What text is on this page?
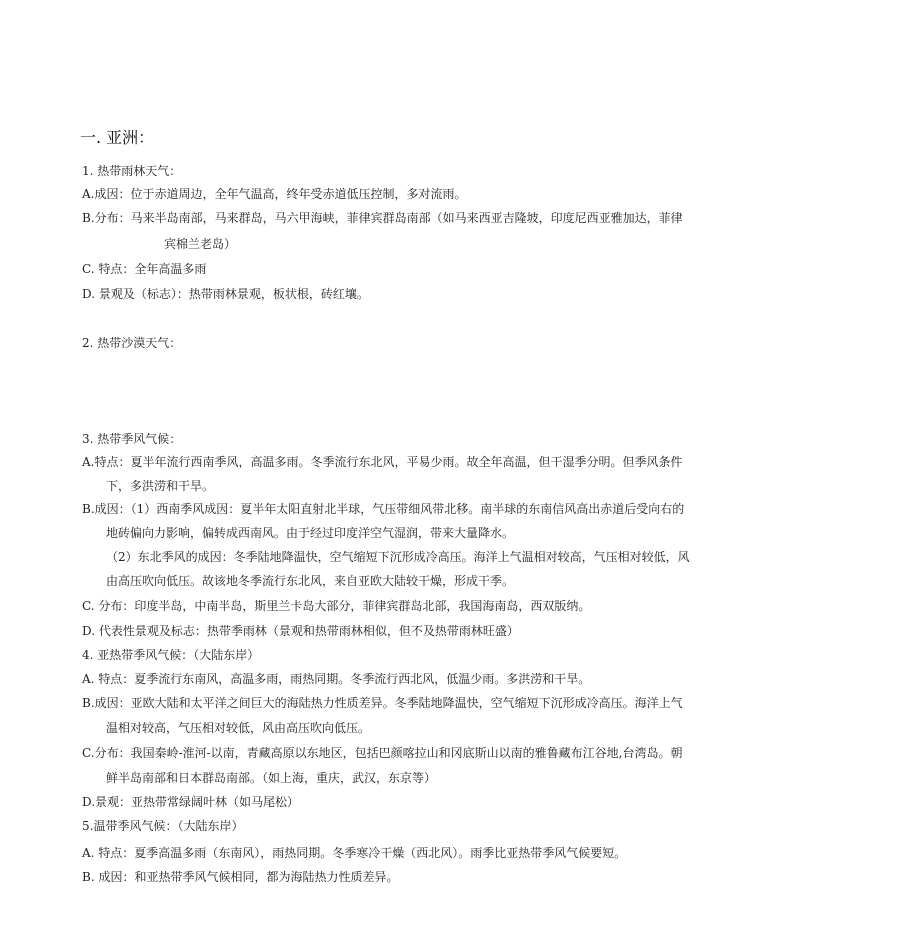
一. 亚洲：
1. 热带雨林天气：
A.成因：位于赤道周边，全年气温高，终年受赤道低压控制，多对流雨。
B.分布：马来半岛南部，马来群岛，马六甲海峡，菲律宾群岛南部（如马来西亚吉隆坡，印度尼西亚雅加达，菲律
宾棉兰老岛）
C. 特点：全年高温多雨
D. 景观及（标志）：热带雨林景观，板状根，砖红壤。
2. 热带沙漠天气：
3. 热带季风气候：
A.特点：夏半年流行西南季风，高温多雨。冬季流行东北风，平易少雨。故全年高温，但干湿季分明。但季风条件
下，多洪涝和干旱。
B.成因：（1）西南季风成因：夏半年太阳直射北半球，气压带细风带北移。南半球的东南信风高出赤道后受向右的
地砖偏向力影响，偏转成西南风。由于经过印度洋空气湿润，带来大量降水。
（2）东北季风的成因：冬季陆地降温快，空气缩短下沉形成冷高压。海洋上气温相对较高，气压相对较低，风
由高压吹向低压。故该地冬季流行东北风，来自亚欧大陆较干燥，形成干季。
C. 分布：印度半岛，中南半岛，斯里兰卡岛大部分，菲律宾群岛北部，我国海南岛，西双版纳。
D. 代表性景观及标志：热带季雨林（景观和热带雨林相似，但不及热带雨林旺盛）
4. 亚热带季风气候：（大陆东岸）
A. 特点：夏季流行东南风，高温多雨，雨热同期。冬季流行西北风，低温少雨。多洪涝和干旱。
B.成因：亚欧大陆和太平洋之间巨大的海陆热力性质差异。冬季陆地降温快，空气缩短下沉形成冷高压。海洋上气
温相对较高，气压相对较低，风由高压吹向低压。
C.分布：我国秦岭-淮河-以南，青藏高原以东地区，包括巴颜喀拉山和冈底斯山以南的雅鲁藏布江谷地,台湾岛。朝
鲜半岛南部和日本群岛南部。（如上海，重庆，武汉，东京等）
D.景观：亚热带常绿阔叶林（如马尾松）
5.温带季风气候：（大陆东岸）
A. 特点：夏季高温多雨（东南风），雨热同期。冬季寒冷干燥（西北风）。雨季比亚热带季风气候要短。
B. 成因：和亚热带季风气候相同，都为海陆热力性质差异。
